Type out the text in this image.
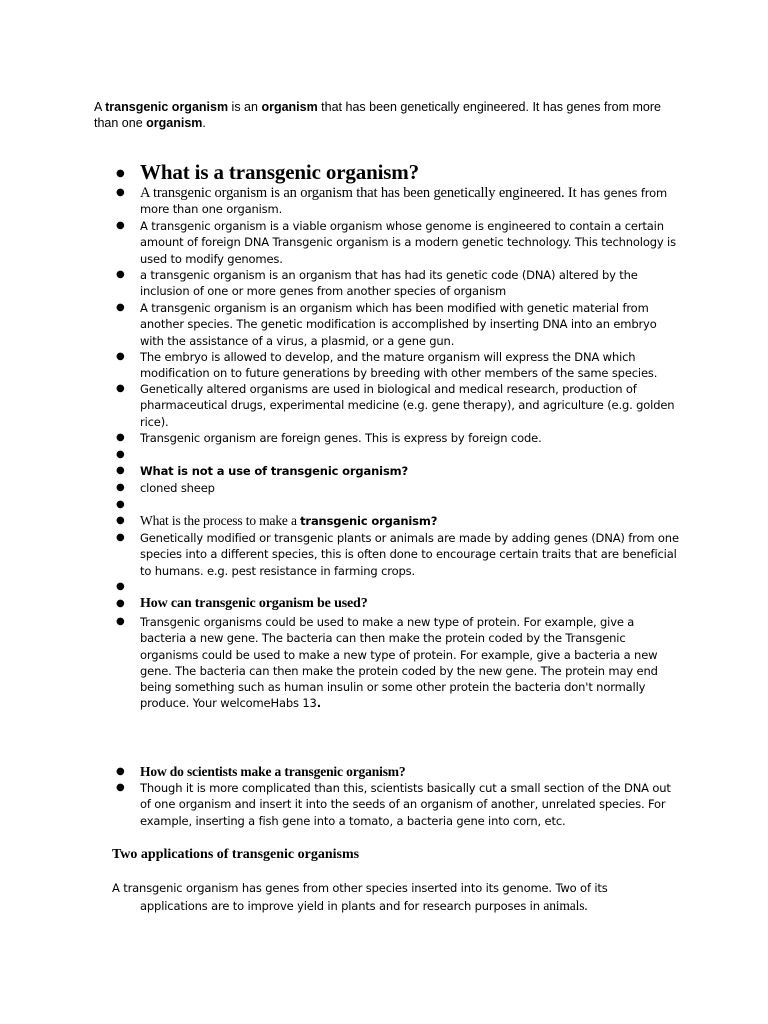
A transgenic organism is an organism that has been genetically engineered. It has genes from more than one organism.

● What is a transgenic organism?
●	A transgenic organism is an organism that has been genetically engineered. It has genes from more than one organism.
●	A transgenic organism is a viable organism whose genome is engineered to contain a certain amount of foreign DNA Transgenic organism is a modern genetic technology. This technology is used to modify genomes.
●	a transgenic organism is an organism that has had its genetic code (DNA) altered by the inclusion of one or more genes from another species of organism
●	A transgenic organism is an organism which has been modified with genetic material from another species. The genetic modification is accomplished by inserting DNA into an embryo with the assistance of a virus, a plasmid, or a gene gun.
●	The embryo is allowed to develop, and the mature organism will express the DNA which modification on to future generations by breeding with other members of the same species.
●	Genetically altered organisms are used in biological and medical research, production of pharmaceutical drugs, experimental medicine (e.g. gene therapy), and agriculture (e.g. golden rice).
●	Transgenic organism are foreign genes. This is express by foreign code.
●
●	What is not a use of transgenic organism?
●	cloned sheep
●
●	What is the process to make a transgenic organism?
●	Genetically modified or transgenic plants or animals are made by adding genes (DNA) from one species into a different species, this is often done to encourage certain traits that are beneficial to humans. e.g. pest resistance in farming crops.
●
●	How can transgenic organism be used?
●	Transgenic organisms could be used to make a new type of protein. For example, give a bacteria a new gene. The bacteria can then make the protein coded by the Transgenic organisms could be used to make a new type of protein. For example, give a bacteria a new gene. The bacteria can then make the protein coded by the new gene. The protein may end being something such as human insulin or some other protein the bacteria don't normally produce. Your welcomeHabs 13.
●	How do scientists make a transgenic organism?
●	Though it is more complicated than this, scientists basically cut a small section of the DNA out of one organism and insert it into the seeds of an organism of another, unrelated species. For example, inserting a fish gene into a tomato, a bacteria gene into corn, etc.
Two applications of transgenic organisms
A transgenic organism has genes from other species inserted into its genome. Two of its
applications are to improve yield in plants and for research purposes in animals.
